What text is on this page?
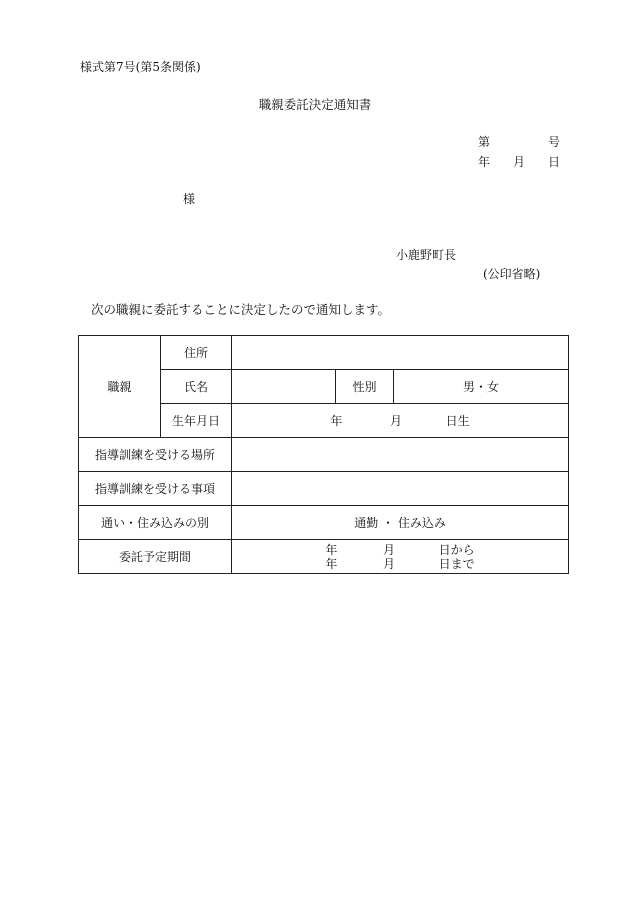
様式第7号(第5条関係)
職親委託決定通知書
第	号
年 月 日
様
小鹿野町長
(公印省略)
次の職親に委託することに決定したので通知します。
職親	住所			
	氏名		性別	男・女
	生年月日	年 月 日生		
指導訓練を受ける場所				
指導訓練を受ける事項				
通い・住み込みの別		通勤 ・ 住み込み		
委託予定期間		年 月 日から
年 月 日まで		
